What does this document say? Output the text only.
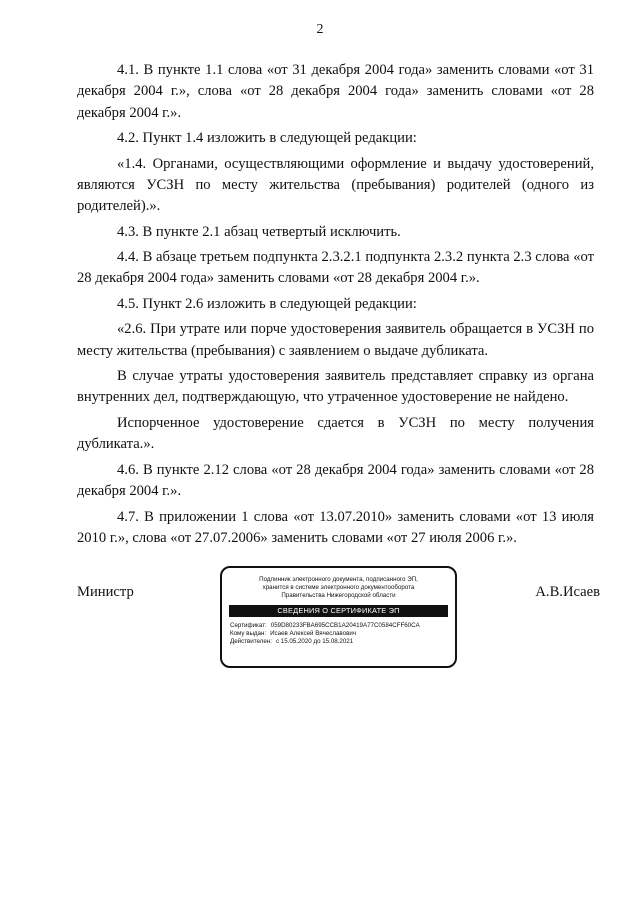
2

4.1. В пункте 1.1 слова «от 31 декабря 2004 года» заменить словами «от 31 декабря 2004 г.», слова «от 28 декабря 2004 года» заменить словами «от 28 декабря 2004 г.».

4.2. Пункт 1.4 изложить в следующей редакции:

«1.4. Органами, осуществляющими оформление и выдачу удостоверений, являются УСЗН по месту жительства (пребывания) родителей (одного из родителей).».

4.3. В пункте 2.1 абзац четвертый исключить.

4.4. В абзаце третьем подпункта 2.3.2.1 подпункта 2.3.2 пункта 2.3 слова «от 28 декабря 2004 года» заменить словами «от 28 декабря 2004 г.».

4.5. Пункт 2.6 изложить в следующей редакции:

«2.6. При утрате или порче удостоверения заявитель обращается в УСЗН по месту жительства (пребывания) с заявлением о выдаче дубликата.

В случае утраты удостоверения заявитель представляет справку из органа внутренних дел, подтверждающую, что утраченное удостоверение не найдено.

Испорченное удостоверение сдается в УСЗН по месту получения дубликата.».

4.6. В пункте 2.12 слова «от 28 декабря 2004 года» заменить словами «от 28 декабря 2004 г.».

4.7. В приложении 1 слова «от 13.07.2010» заменить словами «от 13 июля 2010 г.», слова «от 27.07.2006» заменить словами «от 27 июля 2006 г.».

Министр
Подлинник электронного документа, подписанного ЭП,
хранится в системе электронного документооборота
Правительства Нижегородской области
СВЕДЕНИЯ О СЕРТИФИКАТЕ ЭП
Сертификат: 059D80233FBA695CCB1A20419A77C0584CFF60CA
Кому выдан: Исаев Алексей Вячеславович
Действителен: с 15.05.2020 до 15.08.2021
А.В.Исаев
